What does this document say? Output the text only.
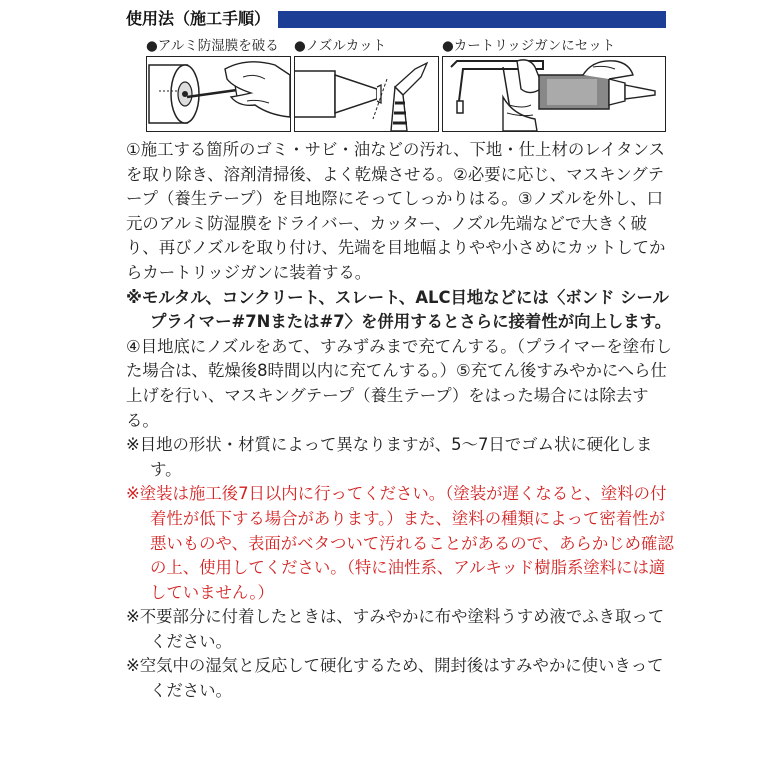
使用法（施工手順）
●アルミ防湿膜を破る ●ノズルカット	●カートリッジガンにセット

①施工する箇所のゴミ・サビ・油などの汚れ、下地・仕上材のレイタンスを取り除き、溶剤清掃後、よく乾燥させる。②必要に応じ、マスキングテープ（養生テープ）を目地際にそってしっかりはる。③ノズルを外し、口元のアルミ防湿膜をドライバー、カッター、ノズル先端などで大きく破り、再びノズルを取り付け、先端を目地幅よりやや小さめにカットしてからカートリッジガンに装着する。

※モルタル、コンクリート、スレート、ALC目地などには〈ボンド シールプライマー#7Nまたは#7〉を併用するとさらに接着性が向上します。

④目地底にノズルをあて、すみずみまで充てんする。（プライマーを塗布した場合は、乾燥後8時間以内に充てんする。）⑤充てん後すみやかにへら仕上げを行い、マスキングテープ（養生テープ）をはった場合には除去する。

※目地の形状・材質によって異なりますが、5〜7日でゴム状に硬化します。

※塗装は施工後7日以内に行ってください。（塗装が遅くなると、塗料の付着性が低下する場合があります。）また、塗料の種類によって密着性が悪いものや、表面がベタついて汚れることがあるので、あらかじめ確認の上、使用してください。（特に油性系、アルキッド樹脂系塗料には適していません。）

※不要部分に付着したときは、すみやかに布や塗料うすめ液でふき取ってください。

※空気中の湿気と反応して硬化するため、開封後はすみやかに使いきってください。
